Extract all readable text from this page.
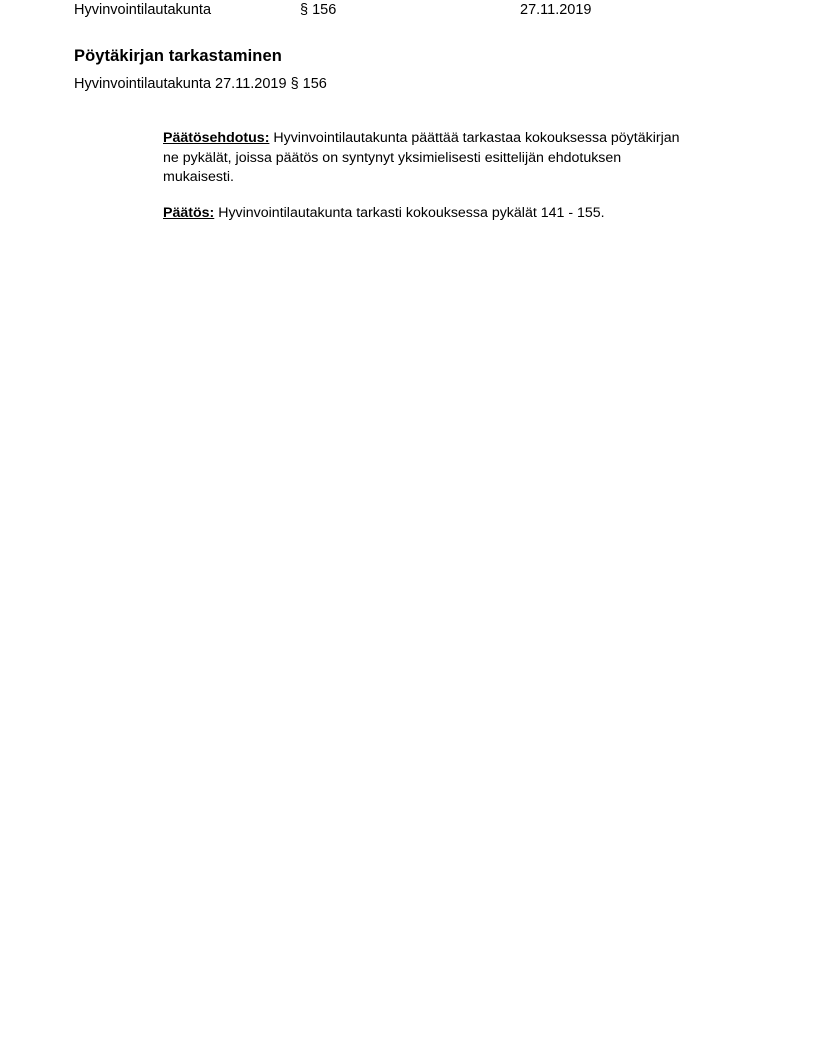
Hyvinvointilautakunta	§ 156	27.11.2019
Pöytäkirjan tarkastaminen
Hyvinvointilautakunta 27.11.2019 § 156

Päätösehdotus: Hyvinvointilautakunta päättää tarkastaa kokouksessa pöytäkirjan ne pykälät, joissa päätös on syntynyt yksimielisesti esittelijän ehdotuksen mukaisesti.

Päätös: Hyvinvointilautakunta tarkasti kokouksessa pykälät 141 - 155.
